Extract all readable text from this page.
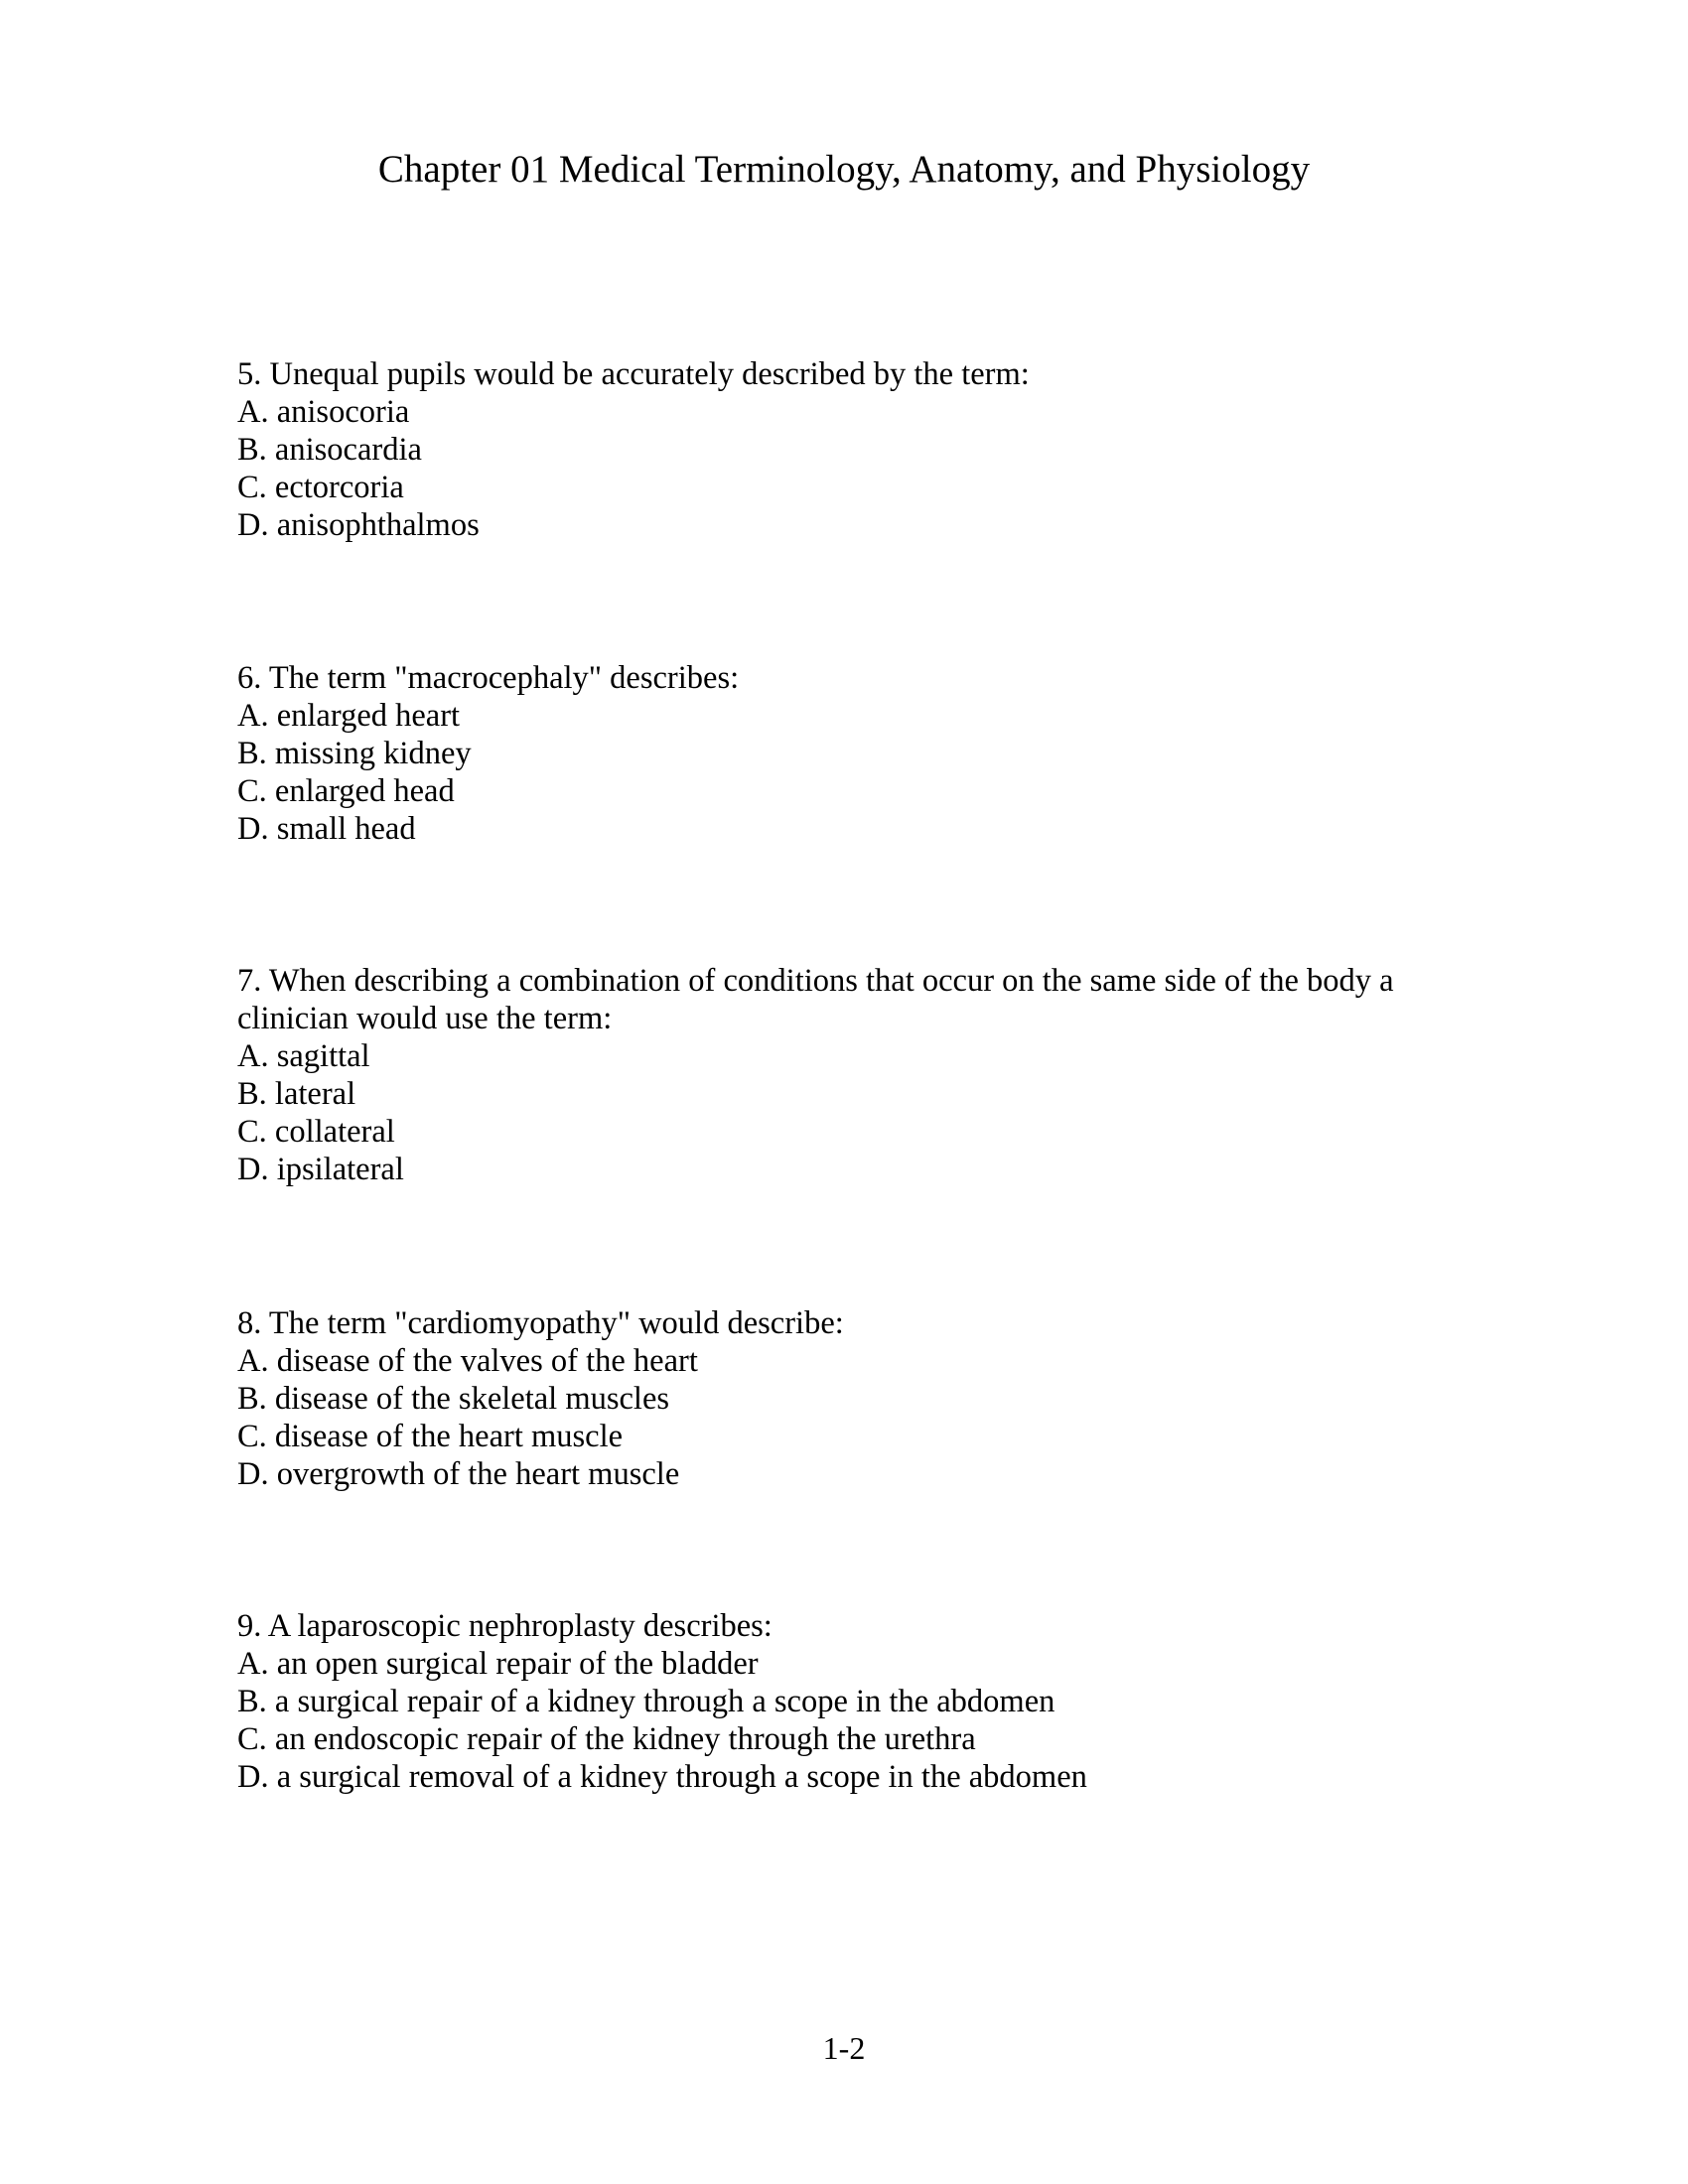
Chapter 01 Medical Terminology, Anatomy, and Physiology
5. Unequal pupils would be accurately described by the term:
A. anisocoria
B. anisocardia
C. ectorcoria
D. anisophthalmos
6. The term "macrocephaly" describes:
A. enlarged heart
B. missing kidney
C. enlarged head
D. small head
7. When describing a combination of conditions that occur on the same side of the body a
clinician would use the term:
A. sagittal
B. lateral
C. collateral
D. ipsilateral
8. The term "cardiomyopathy" would describe:
A. disease of the valves of the heart
B. disease of the skeletal muscles
C. disease of the heart muscle
D. overgrowth of the heart muscle
9. A laparoscopic nephroplasty describes:
A. an open surgical repair of the bladder
B. a surgical repair of a kidney through a scope in the abdomen
C. an endoscopic repair of the kidney through the urethra
D. a surgical removal of a kidney through a scope in the abdomen
1-2
